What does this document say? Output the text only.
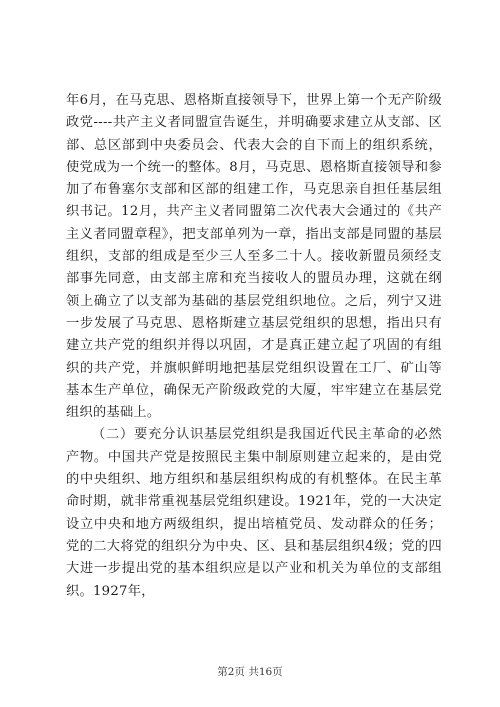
年6月，在马克思、恩格斯直接领导下，世界上第一个无产阶级政党----共产主义者同盟宣告诞生，并明确要求建立从支部、区部、总区部到中央委员会、代表大会的自下而上的组织系统，使党成为一个统一的整体。8月，马克思、恩格斯直接领导和参加了布鲁塞尔支部和区部的组建工作，马克思亲自担任基层组织书记。12月，共产主义者同盟第二次代表大会通过的《共产主义者同盟章程》，把支部单列为一章，指出支部是同盟的基层组织，支部的组成是至少三人至多二十人。接收新盟员须经支部事先同意，由支部主席和充当接收人的盟员办理，这就在纲领上确立了以支部为基础的基层党组织地位。之后，列宁又进一步发展了马克思、恩格斯建立基层党组织的思想，指出只有建立共产党的组织并得以巩固，才是真正建立起了巩固的有组织的共产党，并旗帜鲜明地把基层党组织设置在工厂、矿山等基本生产单位，确保无产阶级政党的大厦，牢牢建立在基层党组织的基础上。

（二）要充分认识基层党组织是我国近代民主革命的必然产物。中国共产党是按照民主集中制原则建立起来的，是由党的中央组织、地方组织和基层组织构成的有机整体。在民主革命时期，就非常重视基层党组织建设。1921年，党的一大决定设立中央和地方两级组织，提出培植党员、发动群众的任务；党的二大将党的组织分为中央、区、县和基层组织4级；党的四大进一步提出党的基本组织应是以产业和机关为单位的支部组织。1927年，

第2页 共16页
